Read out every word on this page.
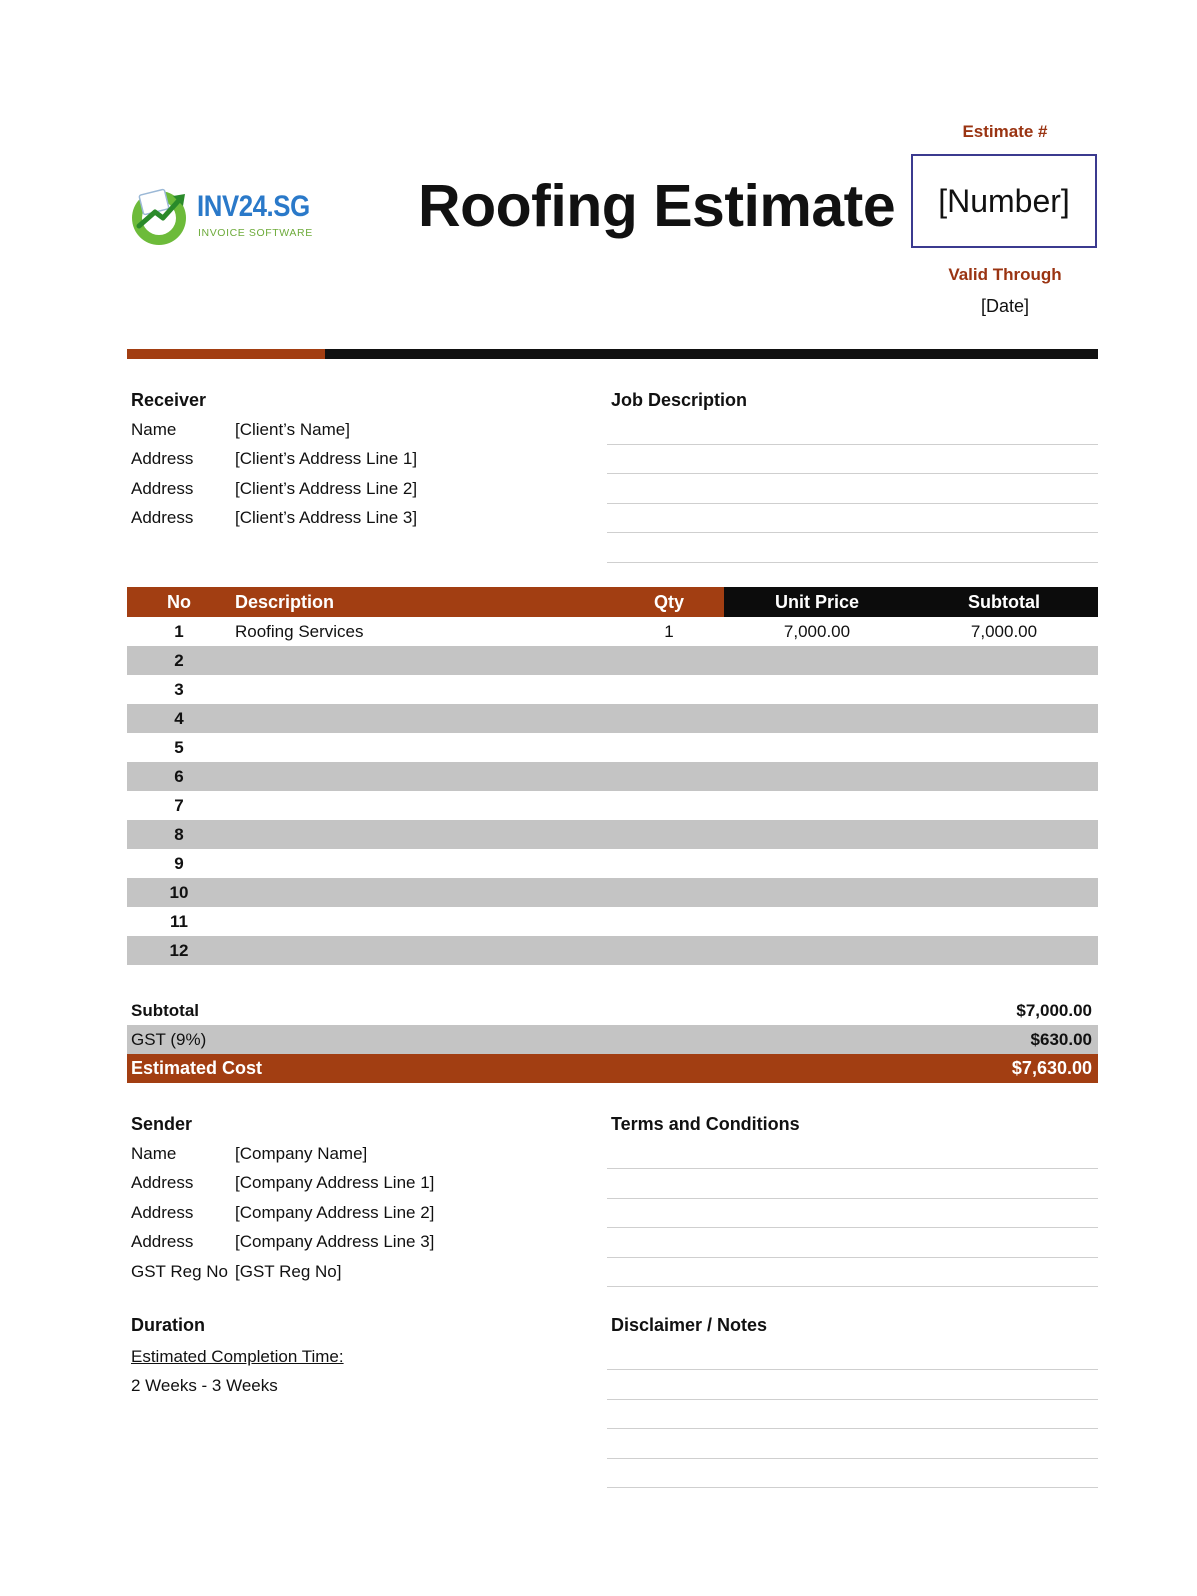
INV24.SG
INVOICE SOFTWARE Roofing Estimate
Estimate #
[Number]
Valid Through
[Date]
Receiver
Name	[Client’s Name]
Address	[Client’s Address Line 1]
Address	[Client’s Address Line 2]
Address	[Client’s Address Line 3]
Job Description
No	Description	Qty	Unit Price	Subtotal
1	Roofing Services	1	7,000.00	7,000.00
2
3
4
5
6
7
8
9
10
11
12
Subtotal	$7,000.00
GST (9%)	$630.00
Estimated Cost	$7,630.00
Sender
Name	[Company Name]
Address	[Company Address Line 1]
Address	[Company Address Line 2]
Address	[Company Address Line 3]
GST Reg No [GST Reg No]
Terms and Conditions
Duration
Estimated Completion Time:
2 Weeks - 3 Weeks
Disclaimer / Notes
